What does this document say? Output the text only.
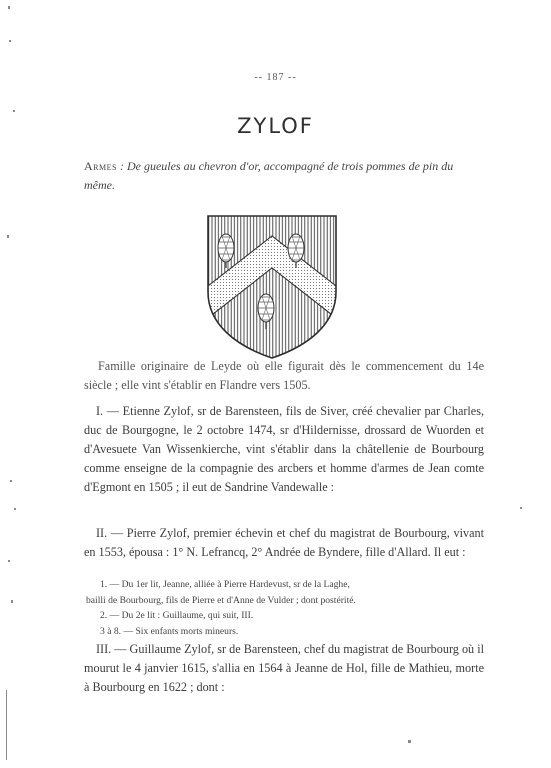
-- 187 --
ZYLOF
Armes : De gueules au chevron d'or, accompagné de trois pommes de pin du même.
Famille originaire de Leyde où elle figurait dès le commencement du 14e siècle ; elle vint s'établir en Flandre vers 1505.
I. — Etienne Zylof, sr de Barensteen, fils de Siver, créé chevalier par Charles, duc de Bourgogne, le 2 octobre 1474, sr d'Hildernisse, drossard de Wuorden et d'Avesuete Van Wissenkierche, vint s'établir dans la châtellenie de Bourbourg comme enseigne de la compagnie des arcbers et homme d'armes de Jean comte d'Egmont en 1505 ; il eut de Sandrine Vandewalle :
II. — Pierre Zylof, premier échevin et chef du magistrat de Bourbourg, vivant en 1553, épousa : 1° N. Lefrancq, 2° Andrée de Byndere, fille d'Allard. Il eut :
1. — Du 1er lit, Jeanne, alliée à Pierre Hardevust, sr de la Laghe,
bailli de Bourbourg, fils de Pierre et d'Anne de Vulder ; dont postérité.
2. — Du 2e lit : Guillaume, qui suit, III.
3 à 8. — Six enfants morts mineurs.
III. — Guillaume Zylof, sr de Barensteen, chef du magistrat de Bourbourg où il mourut le 4 janvier 1615, s'allia en 1564 à Jeanne de Hol, fille de Mathieu, morte à Bourbourg en 1622 ; dont :
